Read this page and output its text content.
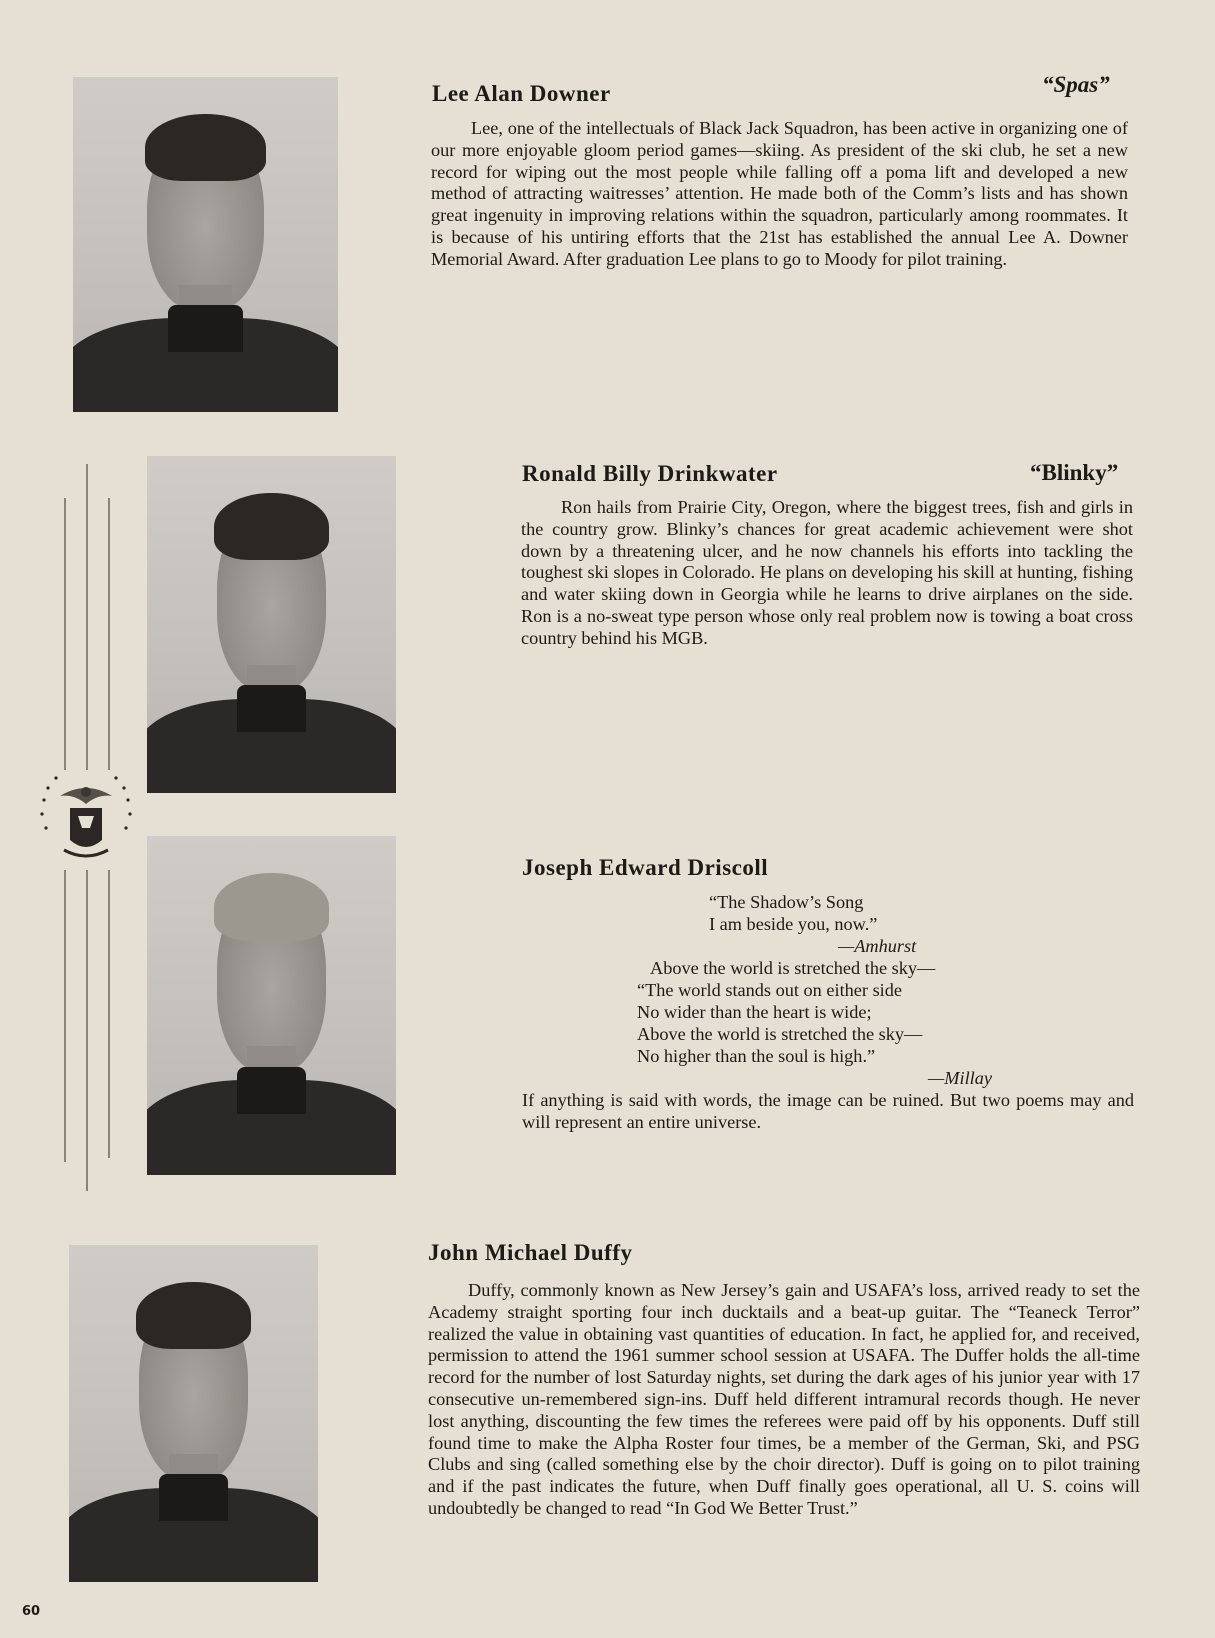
Lee Alan Downer	“Spas”

Lee, one of the intellectuals of Black Jack Squadron, has been active in organizing one of our more enjoyable gloom period games—skiing. As president of the ski club, he set a new record for wiping out the most people while falling off a poma lift and developed a new method of attracting waitresses’ attention. He made both of the Comm’s lists and has shown great ingenuity in improving relations within the squadron, particularly among roommates. It is because of his untiring efforts that the 21st has established the annual Lee A. Downer Memorial Award. After graduation Lee plans to go to Moody for pilot training.

Ronald Billy Drinkwater	“Blinky”

Ron hails from Prairie City, Oregon, where the biggest trees, fish and girls in the country grow. Blinky’s chances for great academic achievement were shot down by a threatening ulcer, and he now channels his efforts into tackling the toughest ski slopes in Colorado. He plans on developing his skill at hunting, fishing and water skiing down in Georgia while he learns to drive airplanes on the side. Ron is a no-sweat type person whose only real problem now is towing a boat cross country behind his MGB.

Joseph Edward Driscoll
“The Shadow’s Song
I am beside you, now.”
—Amhurst
Above the world is stretched the sky—
“The world stands out on either side
No wider than the heart is wide;
Above the world is stretched the sky—
No higher than the soul is high.”
—Millay

If anything is said with words, the image can be ruined. But two poems may and will represent an entire universe.

John Michael Duffy

Duffy, commonly known as New Jersey’s gain and USAFA’s loss, arrived ready to set the Academy straight sporting four inch ducktails and a beat-up guitar. The “Teaneck Terror” realized the value in obtaining vast quantities of education. In fact, he applied for, and received, permission to attend the 1961 summer school session at USAFA. The Duffer holds the all-time record for the number of lost Saturday nights, set during the dark ages of his junior year with 17 consecutive un-remembered sign-ins. Duff held different intramural records though. He never lost anything, discounting the few times the referees were paid off by his opponents. Duff still found time to make the Alpha Roster four times, be a member of the German, Ski, and PSG Clubs and sing (called something else by the choir director). Duff is going on to pilot training and if the past indicates the future, when Duff finally goes operational, all U. S. coins will undoubtedly be changed to read “In God We Better Trust.”

60
